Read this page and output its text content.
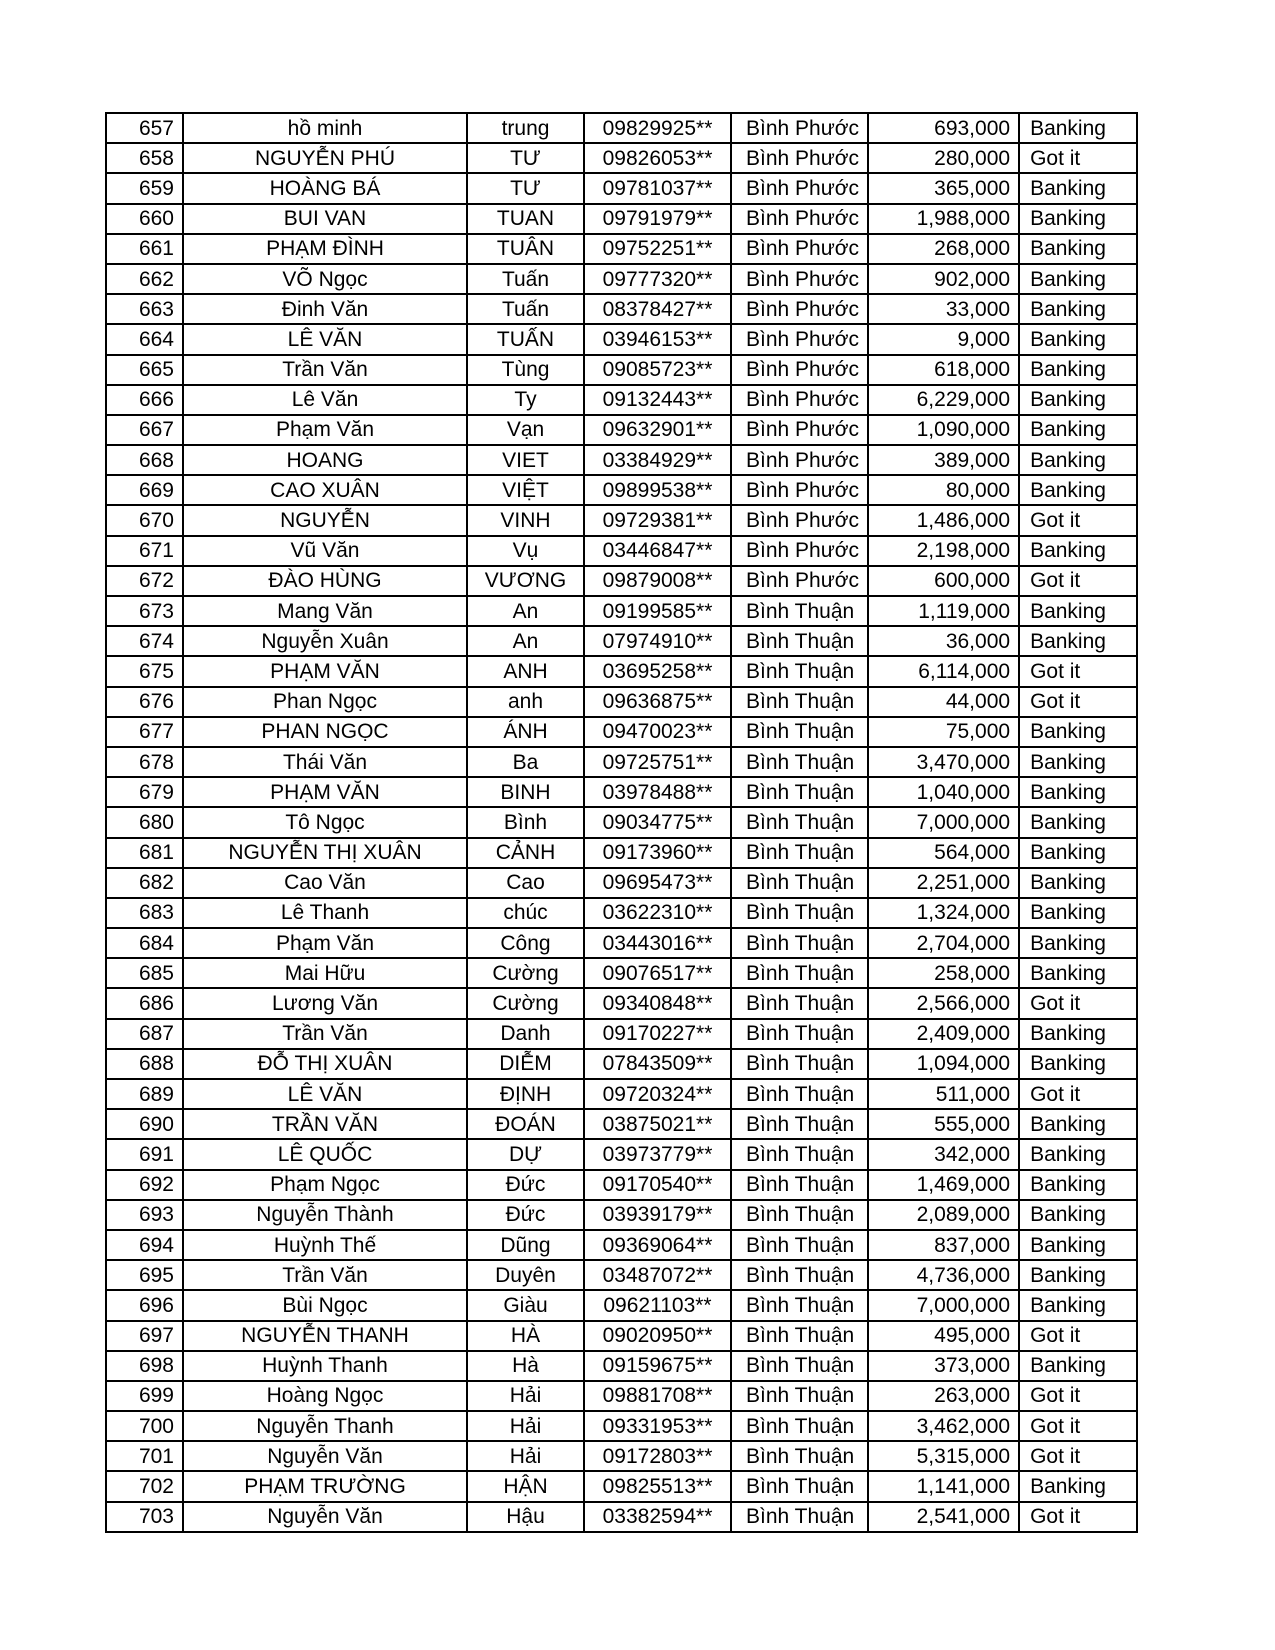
657	hồ minh	trung	09829925**	Bình Phước	693,000	Banking
658	NGUYỄN PHÚ	TƯ	09826053**	Bình Phước	280,000	Got it
659	HOÀNG BÁ	TƯ	09781037**	Bình Phước	365,000	Banking
660	BUI VAN	TUAN	09791979**	Bình Phước	1,988,000	Banking
661	PHẠM ĐÌNH	TUÂN	09752251**	Bình Phước	268,000	Banking
662	VÕ Ngọc	Tuấn	09777320**	Bình Phước	902,000	Banking
663	Đinh Văn	Tuấn	08378427**	Bình Phước	33,000	Banking
664	LÊ VĂN	TUẤN	03946153**	Bình Phước	9,000	Banking
665	Trần Văn	Tùng	09085723**	Bình Phước	618,000	Banking
666	Lê Văn	Ty	09132443**	Bình Phước	6,229,000	Banking
667	Phạm Văn	Vạn	09632901**	Bình Phước	1,090,000	Banking
668	HOANG	VIET	03384929**	Bình Phước	389,000	Banking
669	CAO XUÂN	VIỆT	09899538**	Bình Phước	80,000	Banking
670	NGUYỄN	VINH	09729381**	Bình Phước	1,486,000	Got it
671	Vũ Văn	Vụ	03446847**	Bình Phước	2,198,000	Banking
672	ĐÀO HÙNG	VƯƠNG	09879008**	Bình Phước	600,000	Got it
673	Mang Văn	An	09199585**	Bình Thuận	1,119,000	Banking
674	Nguyễn Xuân	An	07974910**	Bình Thuận	36,000	Banking
675	PHẠM VĂN	ANH	03695258**	Bình Thuận	6,114,000	Got it
676	Phan Ngọc	anh	09636875**	Bình Thuận	44,000	Got it
677	PHAN NGỌC	ÁNH	09470023**	Bình Thuận	75,000	Banking
678	Thái Văn	Ba	09725751**	Bình Thuận	3,470,000	Banking
679	PHẠM VĂN	BINH	03978488**	Bình Thuận	1,040,000	Banking
680	Tô Ngọc	Bình	09034775**	Bình Thuận	7,000,000	Banking
681	NGUYỄN THỊ XUÂN	CẢNH	09173960**	Bình Thuận	564,000	Banking
682	Cao Văn	Cao	09695473**	Bình Thuận	2,251,000	Banking
683	Lê Thanh	chúc	03622310**	Bình Thuận	1,324,000	Banking
684	Phạm Văn	Công	03443016**	Bình Thuận	2,704,000	Banking
685	Mai Hữu	Cường	09076517**	Bình Thuận	258,000	Banking
686	Lương Văn	Cường	09340848**	Bình Thuận	2,566,000	Got it
687	Trần Văn	Danh	09170227**	Bình Thuận	2,409,000	Banking
688	ĐỖ THỊ XUÂN	DIỄM	07843509**	Bình Thuận	1,094,000	Banking
689	LÊ VĂN	ĐỊNH	09720324**	Bình Thuận	511,000	Got it
690	TRẦN VĂN	ĐOÁN	03875021**	Bình Thuận	555,000	Banking
691	LÊ QUỐC	DỰ	03973779**	Bình Thuận	342,000	Banking
692	Phạm Ngọc	Đức	09170540**	Bình Thuận	1,469,000	Banking
693	Nguyễn Thành	Đức	03939179**	Bình Thuận	2,089,000	Banking
694	Huỳnh Thế	Dũng	09369064**	Bình Thuận	837,000	Banking
695	Trần Văn	Duyên	03487072**	Bình Thuận	4,736,000	Banking
696	Bùi Ngọc	Giàu	09621103**	Bình Thuận	7,000,000	Banking
697	NGUYỄN THANH	HÀ	09020950**	Bình Thuận	495,000	Got it
698	Huỳnh Thanh	Hà	09159675**	Bình Thuận	373,000	Banking
699	Hoàng Ngọc	Hải	09881708**	Bình Thuận	263,000	Got it
700	Nguyễn Thanh	Hải	09331953**	Bình Thuận	3,462,000	Got it
701	Nguyễn Văn	Hải	09172803**	Bình Thuận	5,315,000	Got it
702	PHẠM TRƯỜNG	HẬN	09825513**	Bình Thuận	1,141,000	Banking
703	Nguyễn Văn	Hậu	03382594**	Bình Thuận	2,541,000	Got it
